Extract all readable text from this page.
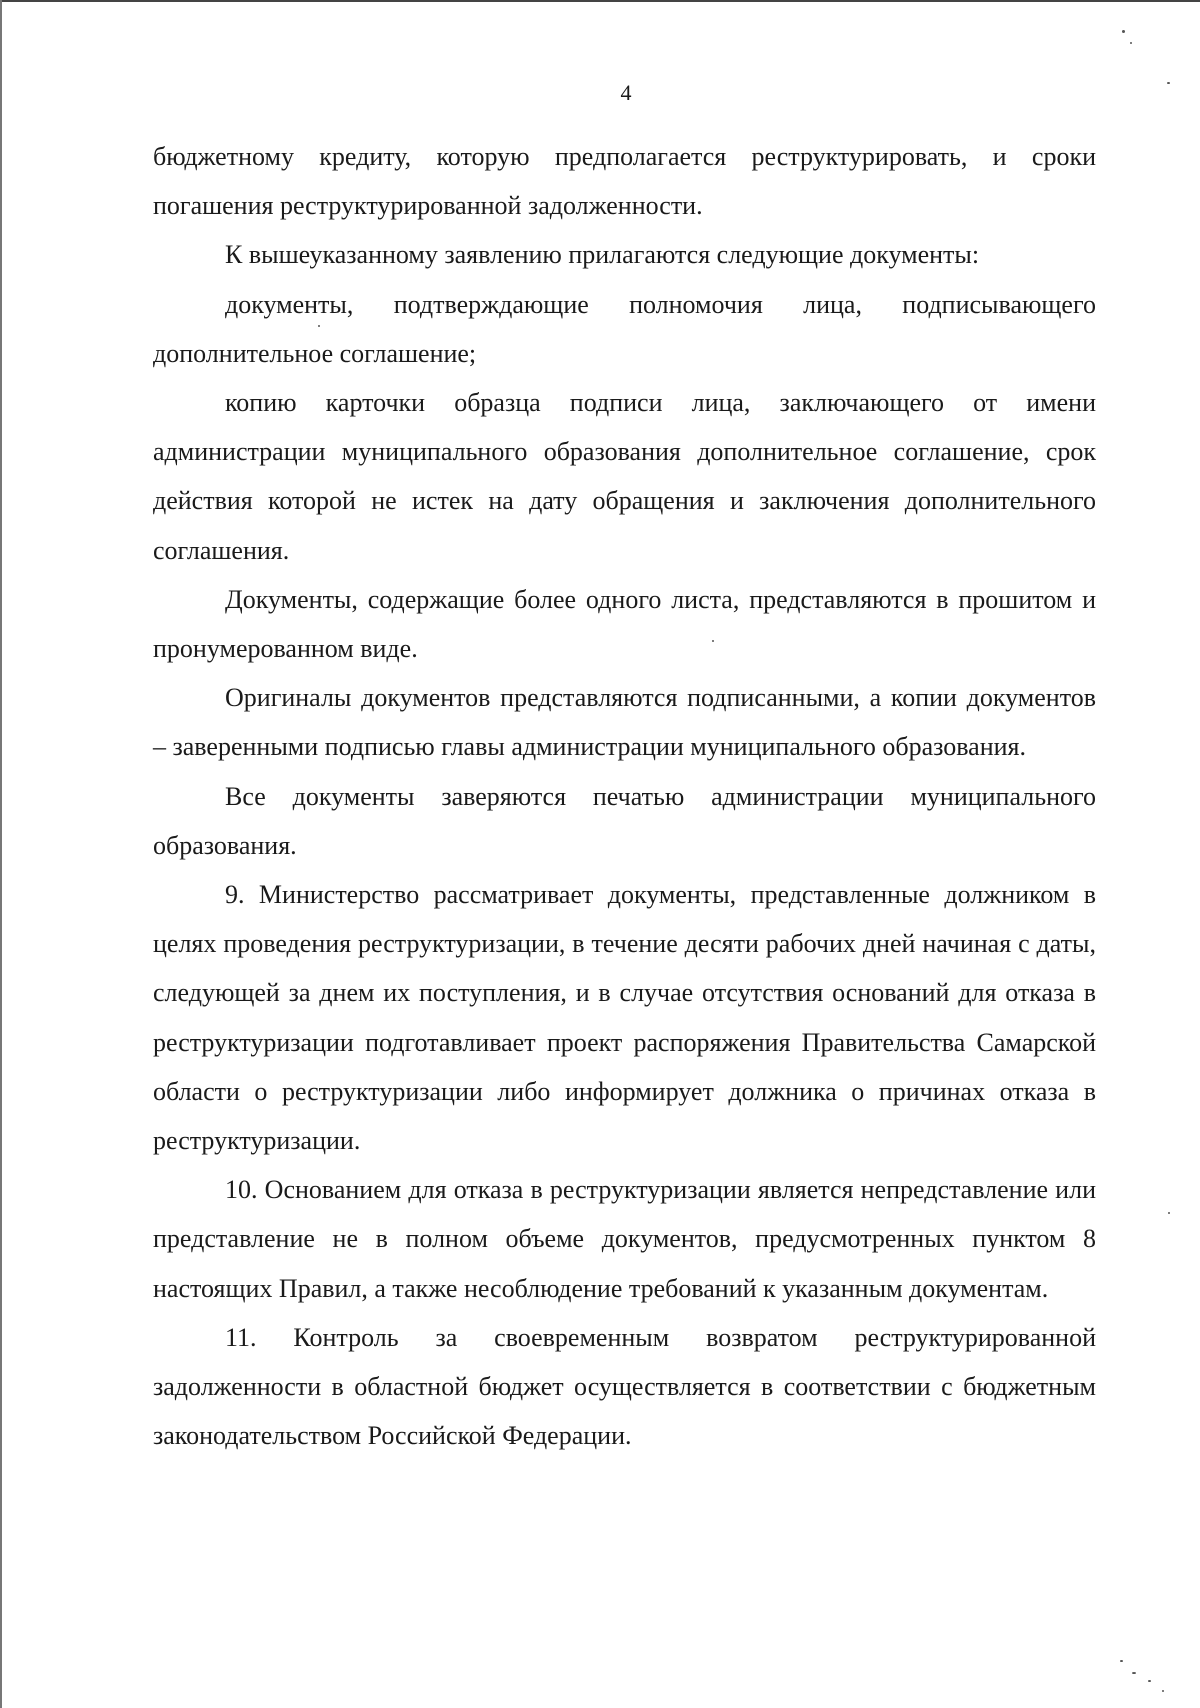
4

бюджетному кредиту, которую предполагается реструктурировать, и сроки погашения реструктурированной задолженности.

К вышеуказанному заявлению прилагаются следующие документы:

документы, подтверждающие полномочия лица, подписывающего дополнительное соглашение;

копию карточки образца подписи лица, заключающего от имени администрации муниципального образования дополнительное соглашение, срок действия которой не истек на дату обращения и заключения дополнительного соглашения.

Документы, содержащие более одного листа, представляются в прошитом и пронумерованном виде.

Оригиналы документов представляются подписанными, а копии документов – заверенными подписью главы администрации муниципального образования.

Все документы заверяются печатью администрации муниципального образования.

9. Министерство рассматривает документы, представленные должником в целях проведения реструктуризации, в течение десяти рабочих дней начиная с даты, следующей за днем их поступления, и в случае отсутствия оснований для отказа в реструктуризации подготавливает проект распоряжения Правительства Самарской области о реструктуризации либо информирует должника о причинах отказа в реструктуризации.

10. Основанием для отказа в реструктуризации является непредставление или представление не в полном объеме документов, предусмотренных пунктом 8 настоящих Правил, а также несоблюдение требований к указанным документам.

11. Контроль за своевременным возвратом реструктурированной задолженности в областной бюджет осуществляется в соответствии с бюджетным законодательством Российской Федерации.
